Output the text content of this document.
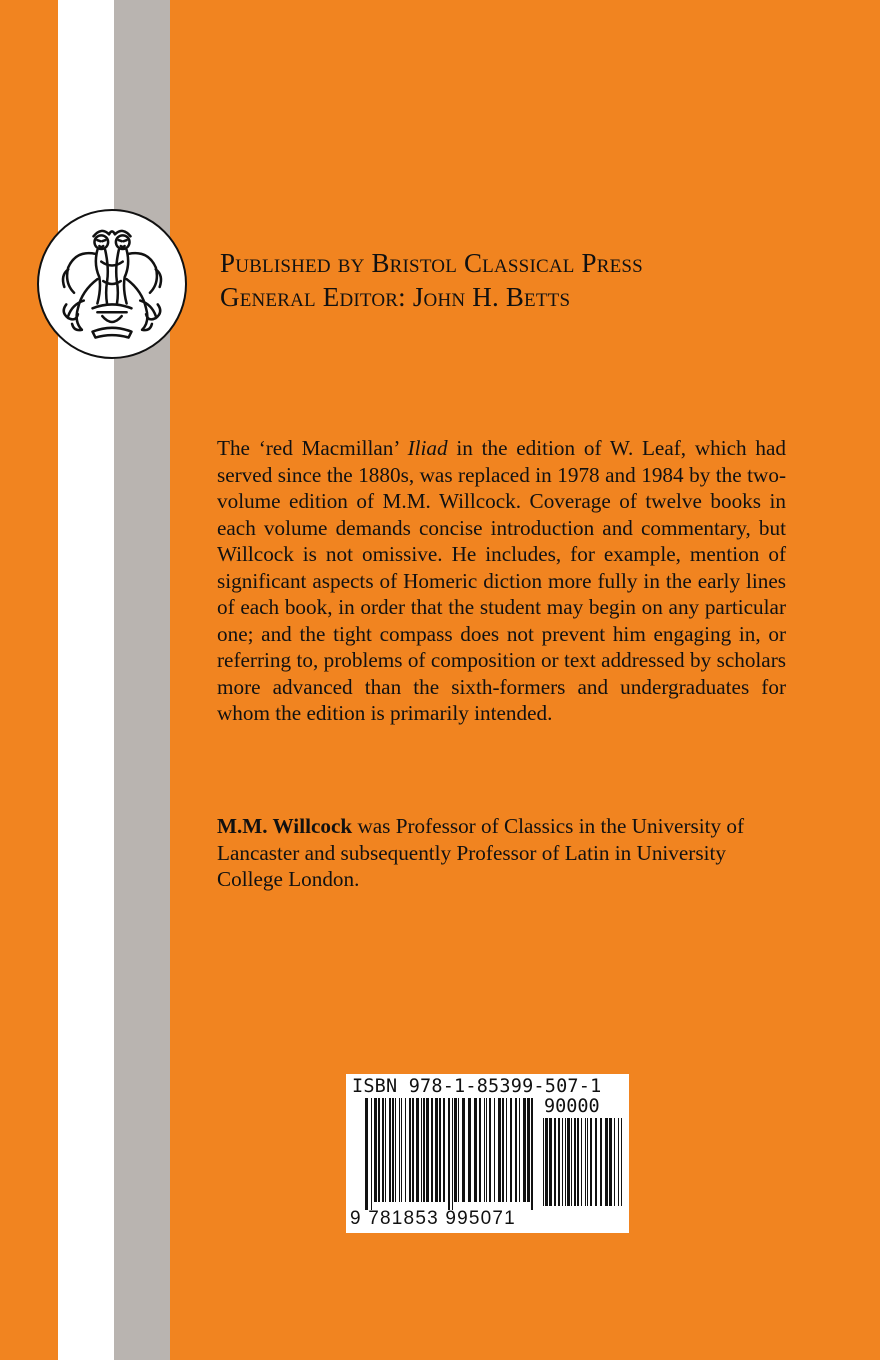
Published by Bristol Classical Press
General Editor: John H. Betts

The ‘red Macmillan’ Iliad in the edition of W. Leaf, which had served since the 1880s, was replaced in 1978 and 1984 by the two-volume edition of M.M. Willcock. Coverage of twelve books in each volume demands concise introduction and commentary, but Willcock is not omissive. He includes, for example, mention of significant aspects of Homeric diction more fully in the early lines of each book, in order that the student may begin on any particular one; and the tight compass does not prevent him engaging in, or referring to, problems of composition or text addressed by scholars more advanced than the sixth-formers and undergraduates for whom the edition is primarily intended.

M.M. Willcock was Professor of Classics in the University of Lancaster and subsequently Professor of Latin in University College London.

ISBN 978-1-85399-507-1
90000
9 781853 995071
